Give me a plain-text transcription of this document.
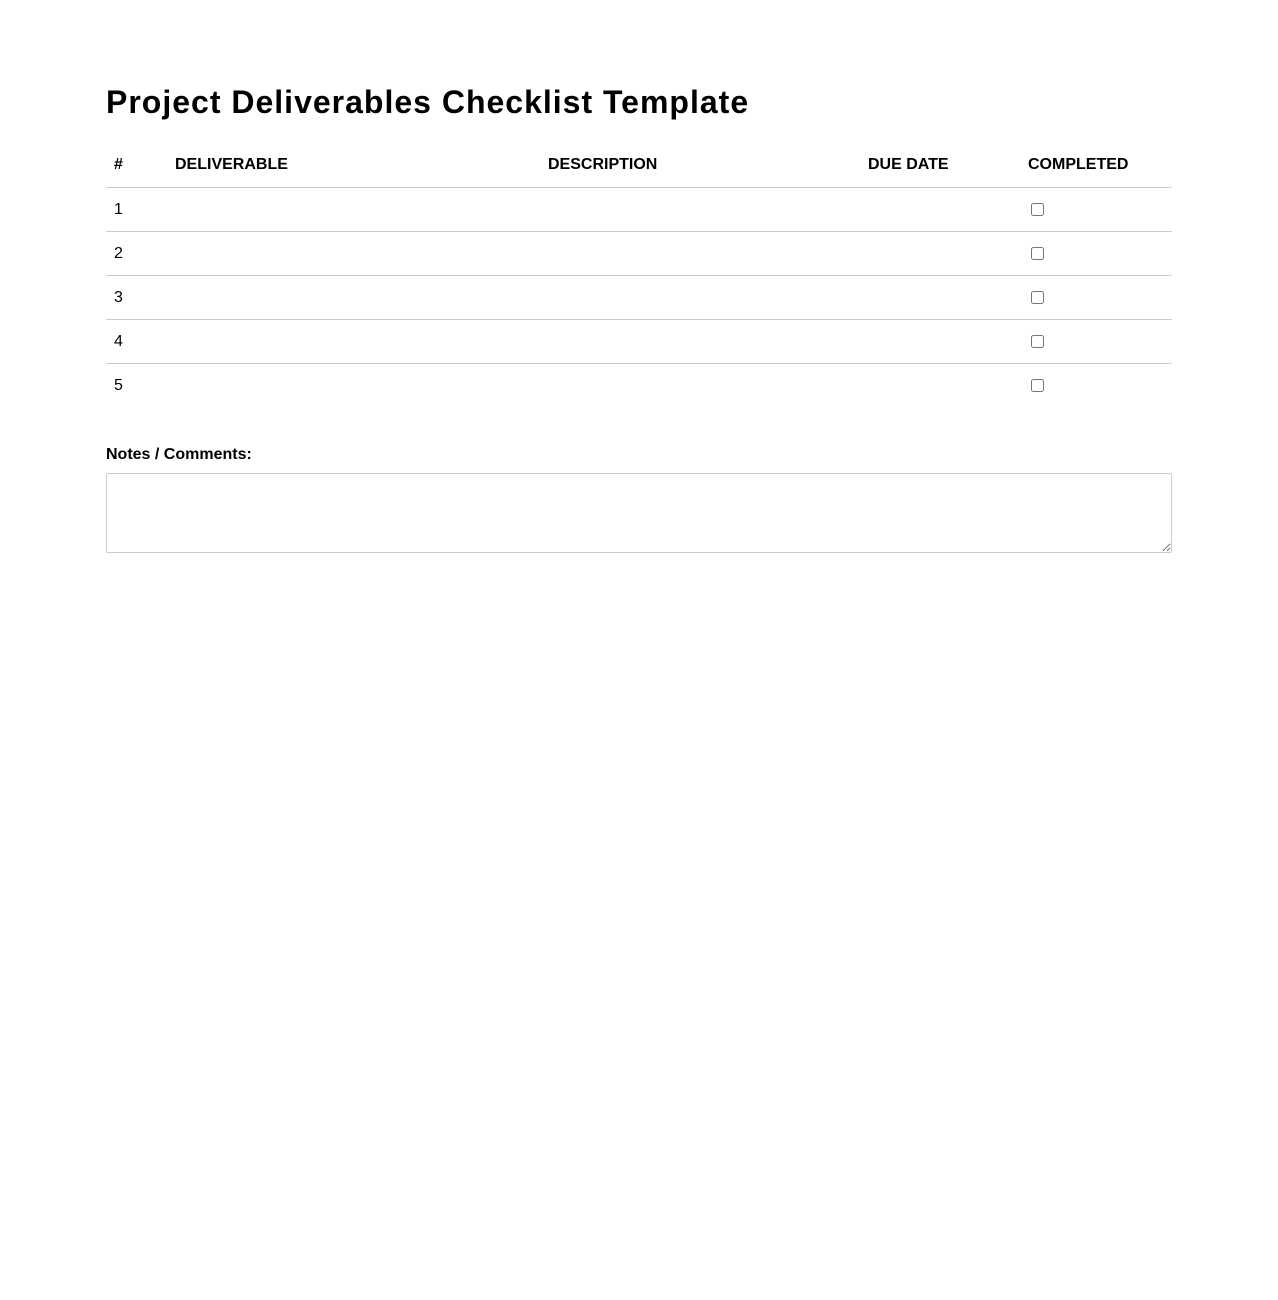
Project Deliverables Checklist Template
#	DELIVERABLE	DESCRIPTION	DUE DATE	COMPLETED
1				
2				
3				
4				
5				
Notes / Comments:
